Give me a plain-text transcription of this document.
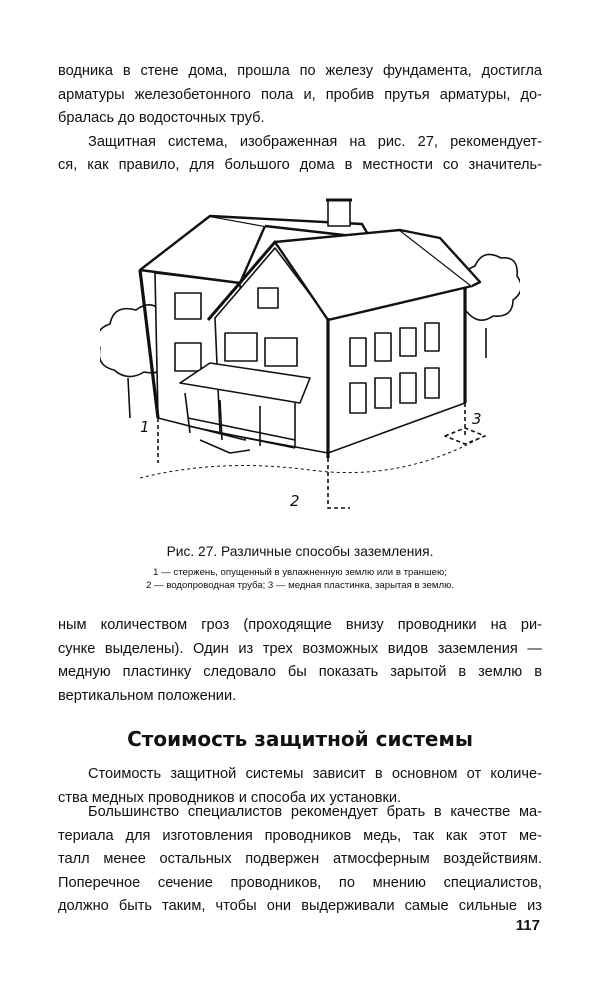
водника в стене дома, прошла по железу фундамента, достигла
арматуры железобетонного пола и, пробив прутья арматуры, до-
бралась до водосточных труб.
Защитная система, изображенная на рис. 27, рекомендует-
ся, как правило, для большого дома в местности со значитель-

1
2
3

Рис. 27. Различные способы заземления.

1 — стержень, опущенный в увлажненную землю или в траншею;
2 — водопроводная труба; 3 — медная пластинка, зарытая в землю.

ным количеством гроз (проходящие внизу проводники на ри-
сунке выделены). Один из трех возможных видов заземления —
медную пластинку следовало бы показать зарытой в землю в
вертикальном положении.

Стоимость защитной системы

Стоимость защитной системы зависит в основном от количе-
ства медных проводников и способа их установки.

Большинство специалистов рекомендует брать в качестве ма-
териала для изготовления проводников медь, так как этот ме-
талл менее остальных подвержен атмосферным воздействиям.
Поперечное сечение проводников, по мнению специалистов,
должно быть таким, чтобы они выдерживали самые сильные из

117
